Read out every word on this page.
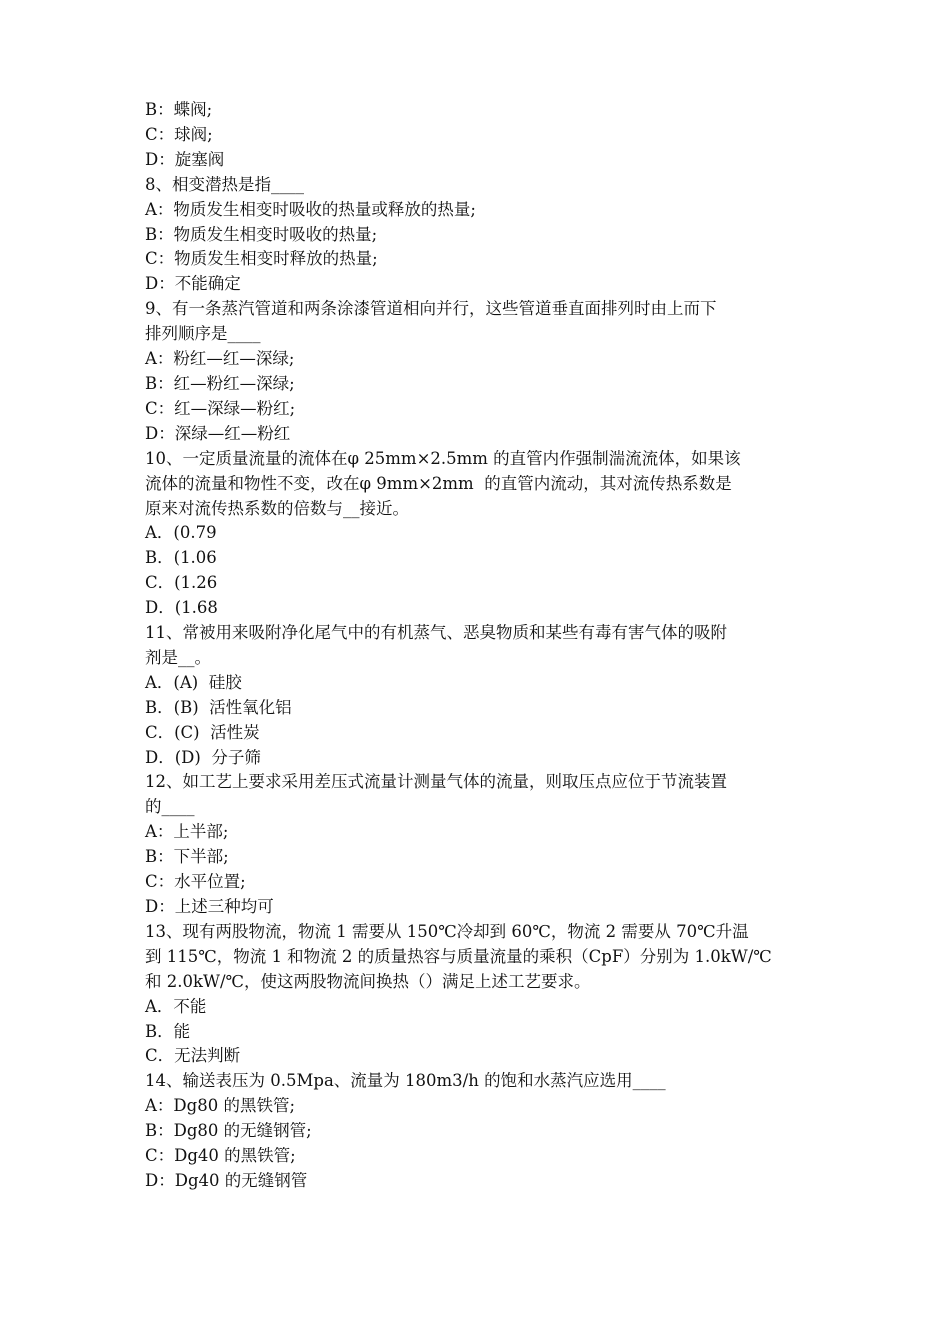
B：蝶阀;
C：球阀;
D：旋塞阀
8、相变潜热是指____
A：物质发生相变时吸收的热量或释放的热量;
B：物质发生相变时吸收的热量;
C：物质发生相变时释放的热量;
D：不能确定
9、有一条蒸汽管道和两条涂漆管道相向并行，这些管道垂直面排列时由上而下
排列顺序是____
A：粉红—红—深绿;
B：红—粉红—深绿;
C：红—深绿—粉红;
D：深绿—红—粉红
10、一定质量流量的流体在φ 25mm×2.5mm 的直管内作强制湍流流体，如果该
流体的流量和物性不变，改在φ 9mm×2mm  的直管内流动，其对流传热系数是
原来对流传热系数的倍数与__接近。
A．(0.79
B．(1.06
C．(1.26
D．(1.68
11、常被用来吸附净化尾气中的有机蒸气、恶臭物质和某些有毒有害气体的吸附
剂是__。
A．(A)  硅胶
B．(B)  活性氧化铝
C．(C)  活性炭
D．(D)  分子筛
12、如工艺上要求采用差压式流量计测量气体的流量，则取压点应位于节流装置
的____
A：上半部;
B：下半部;
C：水平位置;
D：上述三种均可
13、现有两股物流，物流 1 需要从 150℃冷却到 60℃，物流 2 需要从 70℃升温
到 115℃，物流 1 和物流 2 的质量热容与质量流量的乘积（CpF）分别为 1.0kW/℃
和 2.0kW/℃，使这两股物流间换热（）满足上述工艺要求。
A．不能
B．能
C．无法判断
14、输送表压为 0.5Mpa、流量为 180m3/h 的饱和水蒸汽应选用____
A：Dg80 的黑铁管;
B：Dg80 的无缝钢管;
C：Dg40 的黑铁管;
D：Dg40 的无缝钢管
